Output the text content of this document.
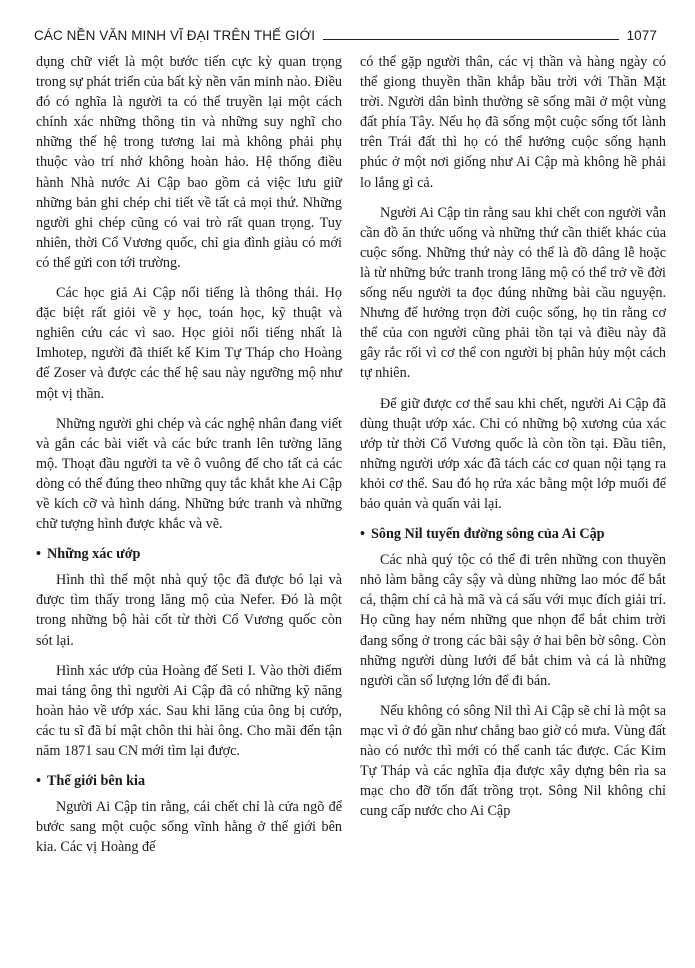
CÁC NỀN VĂN MINH VĨ ĐẠI TRÊN THẾ GIỚI	1077

dụng chữ viết là một bước tiến cực kỳ quan trọng trong sự phát triển của bất kỳ nền văn minh nào. Điều đó có nghĩa là người ta có thể truyền lại một cách chính xác những thông tin và những suy nghĩ cho những thế hệ trong tương lai mà không phải phụ thuộc vào trí nhớ không hoàn hảo. Hệ thống điều hành Nhà nước Ai Cập bao gồm cả việc lưu giữ những bản ghi chép chi tiết về tất cả mọi thứ. Những người ghi chép cũng có vai trò rất quan trọng. Tuy nhiên, thời Cổ Vương quốc, chỉ gia đình giàu có mới có thể gửi con tới trường.

Các học giả Ai Cập nổi tiếng là thông thái. Họ đặc biệt rất giỏi về y học, toán học, kỹ thuật và nghiên cứu các vì sao. Học giỏi nổi tiếng nhất là Imhotep, người đã thiết kế Kim Tự Tháp cho Hoàng đế Zoser và được các thế hệ sau này ngưỡng mộ như một vị thần.

Những người ghi chép và các nghệ nhân đang viết và gắn các bài viết và các bức tranh lên tường lăng mộ. Thoạt đầu người ta vẽ ô vuông để cho tất cả các dòng có thể đúng theo những quy tắc khắt khe Ai Cập về kích cỡ và hình dáng. Những bức tranh và những chữ tượng hình được khắc và vẽ.

• Những xác ướp

Hình thì thể một nhà quý tộc đã được bó lại và được tìm thấy trong lăng mộ của Nefer. Đó là một trong những bộ hài cốt từ thời Cổ Vương quốc còn sót lại.

Hình xác ướp của Hoàng đế Seti I. Vào thời điểm mai táng ông thì người Ai Cập đã có những kỹ năng hoàn hảo về ướp xác. Sau khi lăng của ông bị cướp, các tu sĩ đã bí mật chôn thi hài ông. Cho mãi đến tận năm 1871 sau CN mới tìm lại được.

• Thế giới bên kia

Người Ai Cập tin rằng, cái chết chỉ là cửa ngõ để bước sang một cuộc sống vĩnh hằng ở thế giới bên kia. Các vị Hoàng đế

có thể gặp người thân, các vị thần và hàng ngày có thể giong thuyền thần khắp bầu trời với Thần Mặt trời. Người dân bình thường sẽ sống mãi ở một vùng đất phía Tây. Nếu họ đã sống một cuộc sống tốt lành trên Trái đất thì họ có thể hưởng cuộc sống hạnh phúc ở một nơi giống như Ai Cập mà không hề phải lo lắng gì cả.

Người Ai Cập tin rằng sau khi chết con người vẫn cần đồ ăn thức uống và những thứ cần thiết khác của cuộc sống. Những thứ này có thể là đồ dâng lễ hoặc là từ những bức tranh trong lăng mộ có thể trở về đời sống nếu người ta đọc đúng những bài cầu nguyện. Nhưng để hưởng trọn đời cuộc sống, họ tin rằng cơ thể của con người cũng phải tồn tại và điều này đã gây rắc rối vì cơ thể con người bị phân hủy một cách tự nhiên.

Để giữ được cơ thể sau khi chết, người Ai Cập đã dùng thuật ướp xác. Chỉ có những bộ xương của xác ướp từ thời Cổ Vương quốc là còn tồn tại. Đầu tiên, những người ướp xác đã tách các cơ quan nội tạng ra khỏi cơ thể. Sau đó họ rửa xác bằng một lớp muối để bảo quản và quấn vải lại.

• Sông Nil tuyến đường sông của Ai Cập

Các nhà quý tộc có thể đi trên những con thuyền nhỏ làm bằng cây sậy và dùng những lao móc để bắt cá, thậm chí cả hà mã và cá sấu với mục đích giải trí. Họ cũng hay ném những que nhọn để bắt chim trời đang sống ở trong các bãi sậy ở hai bên bờ sông. Còn những người dùng lưới để bắt chim và cá là những người cần số lượng lớn để đi bán.

Nếu không có sông Nil thì Ai Cập sẽ chỉ là một sa mạc vì ở đó gần như chẳng bao giờ có mưa. Vùng đất nào có nước thì mới có thể canh tác được. Các Kim Tự Tháp và các nghĩa địa được xây dựng bên rìa sa mạc cho đỡ tốn đất trồng trọt. Sông Nil không chỉ cung cấp nước cho Ai Cập
